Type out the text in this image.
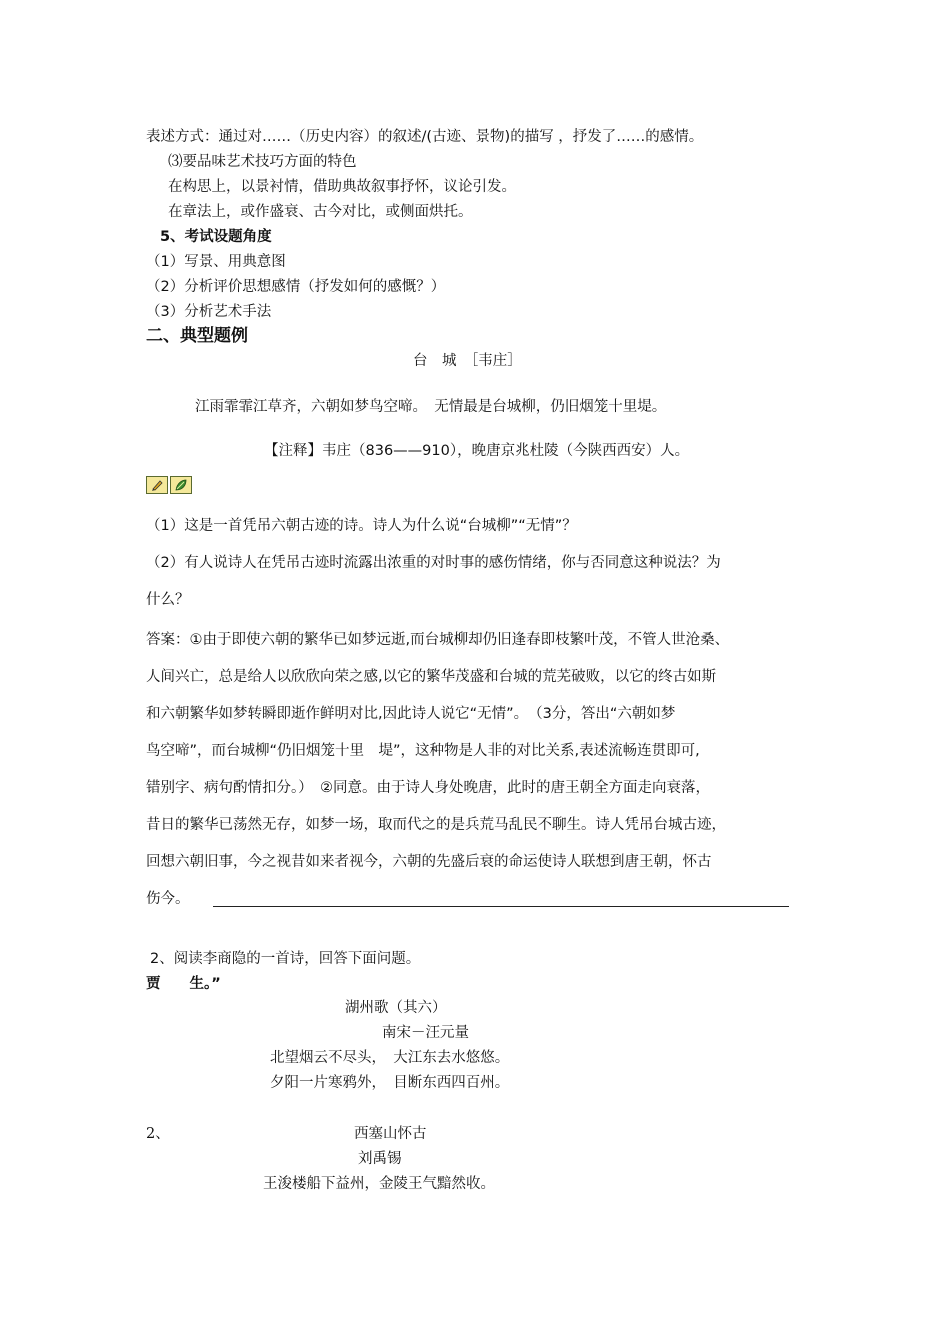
表述方式：通过对……（历史内容）的叙述/(古迹、景物)的描写 ，抒发了……的感情。
⑶要品味艺术技巧方面的特色
在构思上，以景衬情，借助典故叙事抒怀，议论引发。
在章法上，或作盛衰、古今对比，或侧面烘托。
5、考试设题角度
（1）写景、用典意图
（2）分析评价思想感情（抒发如何的感慨？）
（3）分析艺术手法
二、典型题例
台　城　［韦庄］
江雨霏霏江草齐，六朝如梦鸟空啼。　无情最是台城柳，仍旧烟笼十里堤。
【注释】韦庄（836——910），晚唐京兆杜陵（今陕西西安）人。
（1）这是一首凭吊六朝古迹的诗。诗人为什么说“台城柳”“无情”？
（2）有人说诗人在凭吊古迹时流露出浓重的对时事的感伤情绪，你与否同意这种说法？为
什么？
答案：①由于即使六朝的繁华已如梦远逝,而台城柳却仍旧逢春即枝繁叶茂，不管人世沧桑、
人间兴亡，总是给人以欣欣向荣之感,以它的繁华茂盛和台城的荒芜破败，以它的终古如斯
和六朝繁华如梦转瞬即逝作鲜明对比,因此诗人说它“无情”。　（3分，答出“六朝如梦
鸟空啼”，而台城柳“仍旧烟笼十里　堤”，这种物是人非的对比关系,表述流畅连贯即可,
错别字、病句酌情扣分。）　②同意。由于诗人身处晚唐，此时的唐王朝全方面走向衰落，
昔日的繁华已荡然无存，如梦一场，取而代之的是兵荒马乱民不聊生。诗人凭吊台城古迹，
回想六朝旧事，今之视昔如来者视今，六朝的先盛后衰的命运使诗人联想到唐王朝，怀古
伤今。
2、阅读李商隐的一首诗，回答下面问题。
贾　　生。”
湖州歌（其六）
南宋－汪元量
北望烟云不尽头，　大江东去水悠悠。
夕阳一片寒鸦外，　目断东西四百州。
2、	西塞山怀古
刘禹锡
王浚楼船下益州，金陵王气黯然收。
